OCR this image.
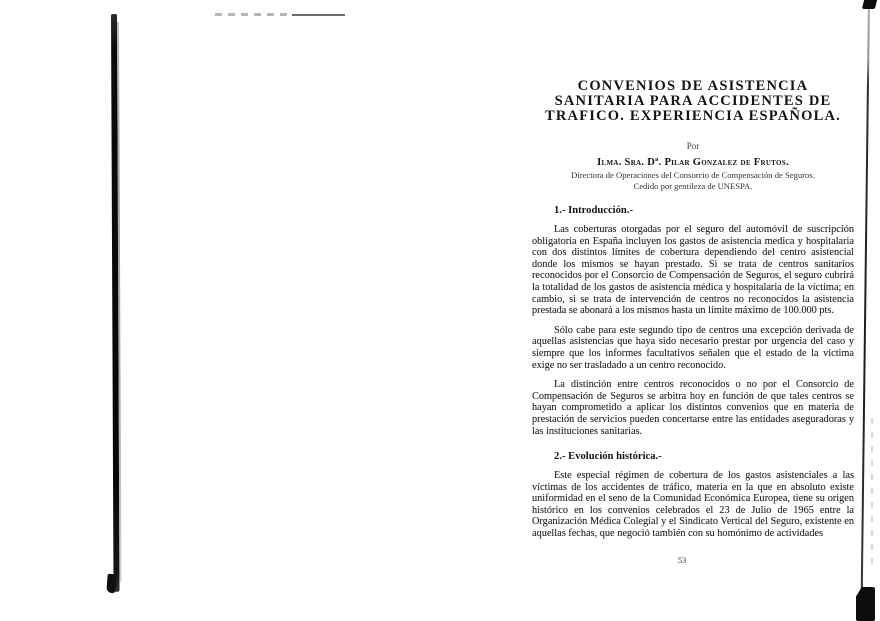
CONVENIOS DE ASISTENCIA
SANITARIA PARA ACCIDENTES DE
TRAFICO. EXPERIENCIA ESPAÑOLA.
Por
Ilma. Sra. Dª. Pilar Gonzalez de Frutos.
Directora de Operaciones del Consorcio de Compensación de Seguros.
Cedido por gentileza de UNESPA.
1.- Introducción.-

Las coberturas otorgadas por el seguro del automóvil de suscripción obligatoria en España incluyen los gastos de asistencia medica y hospitalaria con dos distintos límites de cobertura dependiendo del centro asistencial donde los mismos se hayan prestado. Si se trata de centros sanitarios reconocidos por el Consorcio de Compensación de Seguros, el seguro cubrirá la totalidad de los gastos de asistencia médica y hospitalaria de la víctima; en cambio, si se trata de intervención de centros no reconocidos la asistencia prestada se abonará a los mismos hasta un límite máximo de 100.000 pts.

Sólo cabe para este segundo tipo de centros una excepción derivada de aquellas asistencias que haya sido necesario prestar por urgencia del caso y siempre que los informes facultativos señalen que el estado de la víctima exige no ser trasladado a un centro reconocido.

La distinción entre centros reconocidos o no por el Consorcio de Compensación de Seguros se arbitra hoy en función de que tales centros se hayan comprometido a aplicar los distintos convenios que en materia de prestación de servicios pueden concertarse entre las entidades aseguradoras y las instituciones sanitarias.

2.- Evolución histórica.-

Este especial régimen de cobertura de los gastos asistenciales a las víctimas de los accidentes de tráfico, materia en la que en absoluto existe uniformidad en el seno de la Comunidad Económica Europea, tiene su origen histórico en los convenios celebrados el 23 de Julio de 1965 entre la Organización Médica Colegial y el Sindicato Vertical del Seguro, existente en aquellas fechas, que negoció también con su homónimo de actividades

53
